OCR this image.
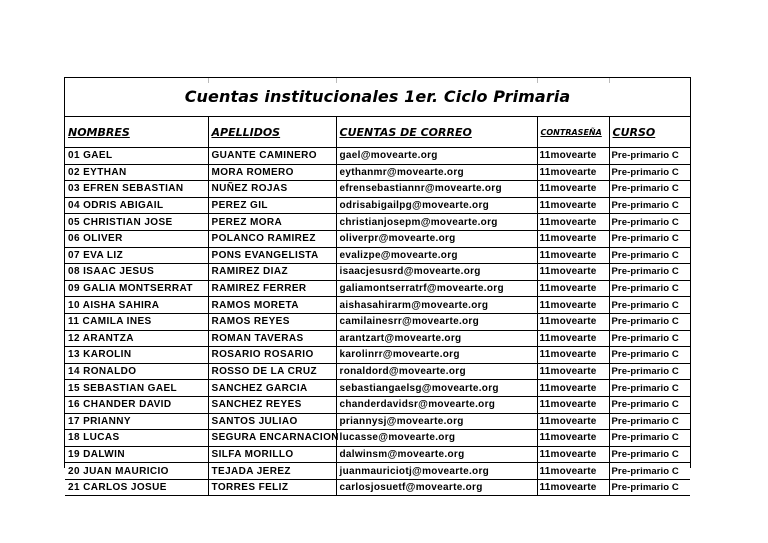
Cuentas institucionales 1er. Ciclo Primaria
NOMBRES	APELLIDOS	CUENTAS DE CORREO	CONTRASEÑA	CURSO
01 GAEL	GUANTE CAMINERO	gael@movearte.org	11movearte	Pre-primario C
02 EYTHAN	MORA ROMERO	eythanmr@movearte.org	11movearte	Pre-primario C
03 EFREN SEBASTIAN	NUÑEZ ROJAS	efrensebastiannr@movearte.org	11movearte	Pre-primario C
04 ODRIS ABIGAIL	PEREZ GIL	odrisabigailpg@movearte.org	11movearte	Pre-primario C
05 CHRISTIAN JOSE	PEREZ MORA	christianjosepm@movearte.org	11movearte	Pre-primario C
06 OLIVER	POLANCO RAMIREZ	oliverpr@movearte.org	11movearte	Pre-primario C
07 EVA LIZ	PONS EVANGELISTA	evalizpe@movearte.org	11movearte	Pre-primario C
08 ISAAC JESUS	RAMIREZ DIAZ	isaacjesusrd@movearte.org	11movearte	Pre-primario C
09 GALIA MONTSERRAT	RAMIREZ FERRER	galiamontserratrf@movearte.org	11movearte	Pre-primario C
10 AISHA SAHIRA	RAMOS MORETA	aishasahirarm@movearte.org	11movearte	Pre-primario C
11 CAMILA INES	RAMOS REYES	camilainesrr@movearte.org	11movearte	Pre-primario C
12 ARANTZA	ROMAN TAVERAS	arantzart@movearte.org	11movearte	Pre-primario C
13 KAROLIN	ROSARIO ROSARIO	karolinrr@movearte.org	11movearte	Pre-primario C
14 RONALDO	ROSSO DE LA CRUZ	ronaldord@movearte.org	11movearte	Pre-primario C
15 SEBASTIAN GAEL	SANCHEZ GARCIA	sebastiangaelsg@movearte.org	11movearte	Pre-primario C
16 CHANDER DAVID	SANCHEZ REYES	chanderdavidsr@movearte.org	11movearte	Pre-primario C
17 PRIANNY	SANTOS JULIAO	priannysj@movearte.org	11movearte	Pre-primario C
18 LUCAS	SEGURA ENCARNACION	lucasse@movearte.org	11movearte	Pre-primario C
19 DALWIN	SILFA MORILLO	dalwinsm@movearte.org	11movearte	Pre-primario C
20 JUAN MAURICIO	TEJADA JEREZ	juanmauriciotj@movearte.org	11movearte	Pre-primario C
21 CARLOS JOSUE	TORRES FELIZ	carlosjosuetf@movearte.org	11movearte	Pre-primario C
